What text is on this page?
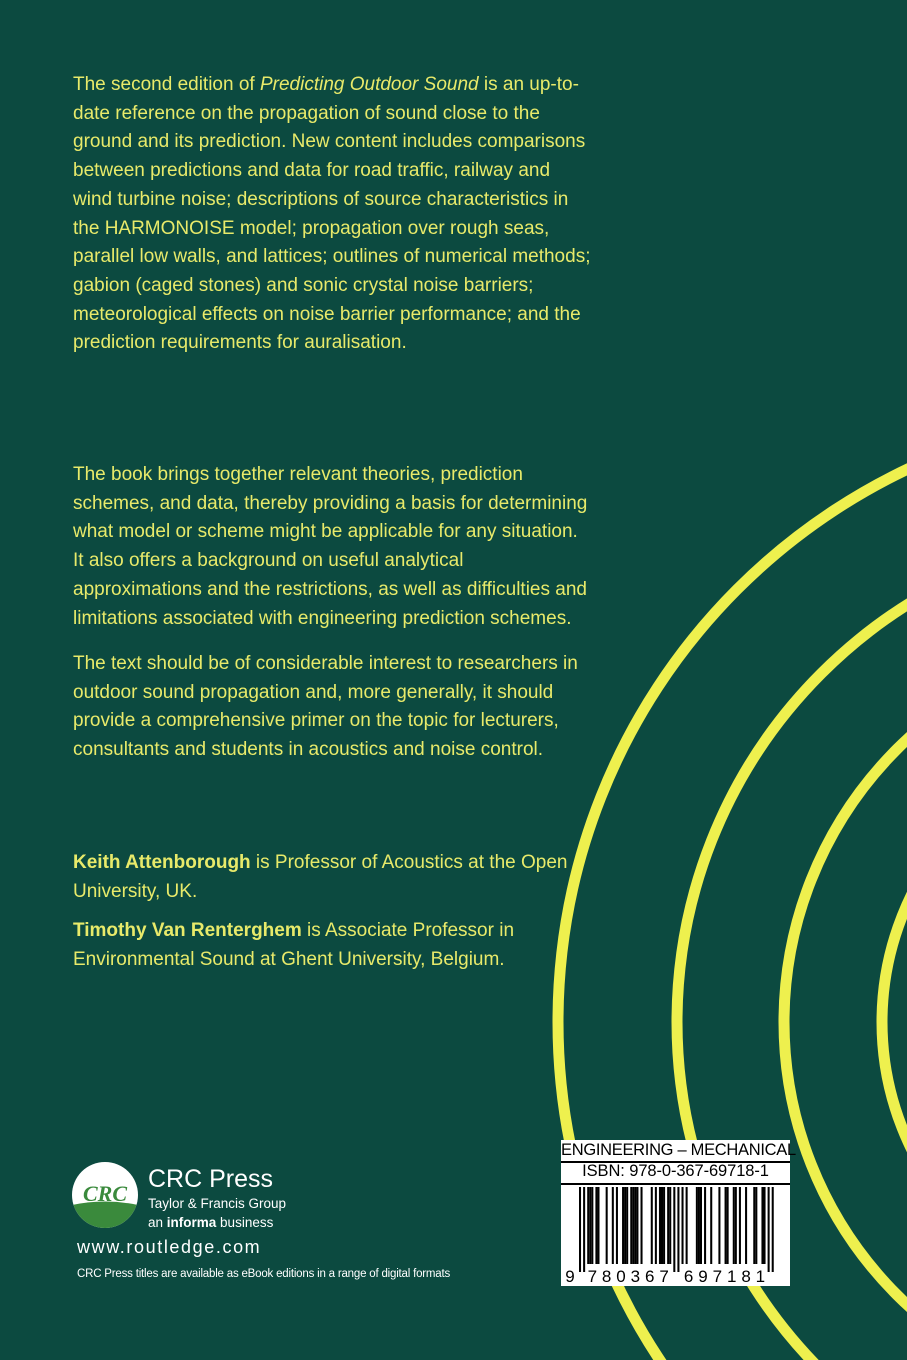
The second edition of Predicting Outdoor Sound is an up-to-date reference on the propagation of sound close to the ground and its prediction. New content includes comparisons between predictions and data for road traffic, railway and wind turbine noise; descriptions of source characteristics in the HARMONOISE model; propagation over rough seas, parallel low walls, and lattices; outlines of numerical methods; gabion (caged stones) and sonic crystal noise barriers; meteorological effects on noise barrier performance; and the prediction requirements for auralisation.

The book brings together relevant theories, prediction schemes, and data, thereby providing a basis for determining what model or scheme might be applicable for any situation. It also offers a background on useful analytical approximations and the restrictions, as well as difficulties and limitations associated with engineering prediction schemes.

The text should be of considerable interest to researchers in outdoor sound propagation and, more generally, it should provide a comprehensive primer on the topic for lecturers, consultants and students in acoustics and noise control.

Keith Attenborough is Professor of Acoustics at the Open University, UK.

Timothy Van Renterghem is Associate Professor in Environmental Sound at Ghent University, Belgium.

CRC
CRC Press
Taylor & Francis Group
an informa business
www.routledge.com
CRC Press titles are available as eBook editions in a range of digital formats
ENGINEERING – MECHANICAL
ISBN: 978-0-367-69718-1
9 7 8 0 3 6 7 6 9 7 1 8 1
